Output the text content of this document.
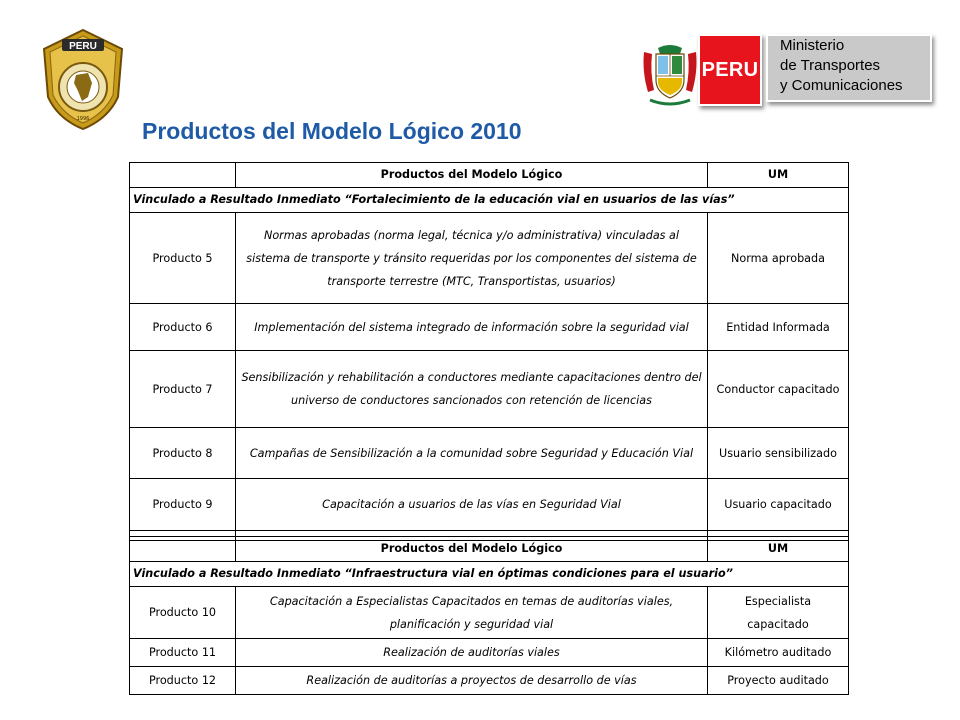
PERU
1996
PERU
Ministerio
de Transportes
y Comunicaciones
Productos del Modelo Lógico 2010
	Productos del Modelo Lógico	UM
Vinculado a Resultado Inmediato “Fortalecimiento de la educación vial en usuarios de las vías”		
Producto 5	Normas aprobadas (norma legal, técnica y/o administrativa) vinculadas al sistema de transporte y tránsito requeridas por los componentes del sistema de transporte terrestre (MTC, Transportistas, usuarios)	Norma aprobada
Producto 6	Implementación del sistema integrado de información sobre la seguridad vial	Entidad Informada
Producto 7	Sensibilización y rehabilitación a conductores mediante capacitaciones dentro del universo de conductores sancionados con retención de licencias	Conductor capacitado
Producto 8	Campañas de Sensibilización a la comunidad sobre Seguridad y Educación Vial	Usuario sensibilizado
Producto 9	Capacitación a usuarios de las vías en Seguridad Vial	Usuario capacitado

	Productos del Modelo Lógico	UM
Vinculado a Resultado Inmediato “Infraestructura vial en óptimas condiciones para el usuario”		
Producto 10	Capacitación a Especialistas Capacitados en temas de auditorías viales, planificación y seguridad vial	Especialista capacitado
Producto 11	Realización de auditorías viales	Kilómetro auditado
Producto 12	Realización de auditorías a proyectos de desarrollo de vías	Proyecto auditado
